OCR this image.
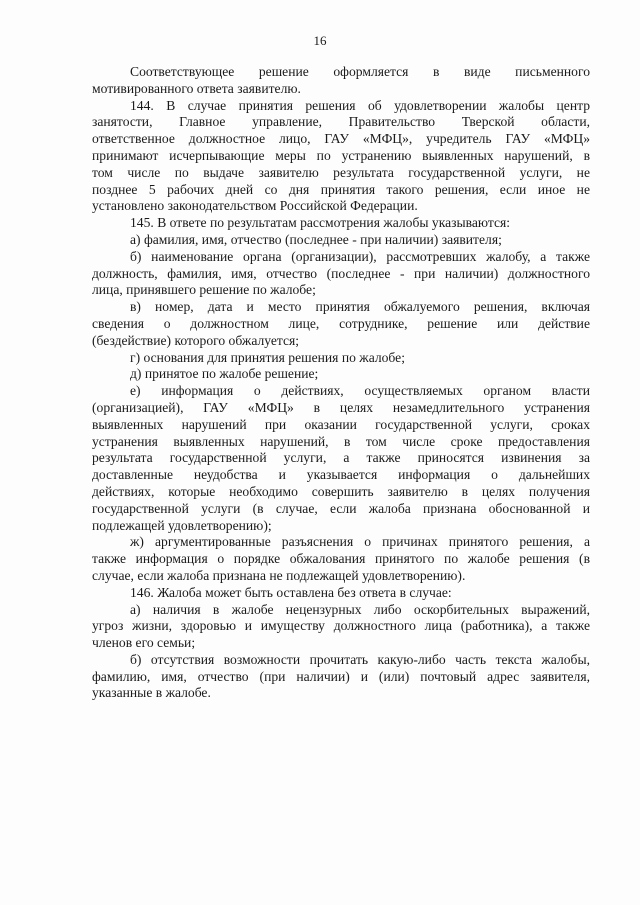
16
Соответствующее решение оформляется в виде письменного
мотивированного ответа заявителю.
144. В случае принятия решения об удовлетворении жалобы центр
занятости, Главное управление, Правительство Тверской области,
ответственное должностное лицо, ГАУ «МФЦ», учредитель ГАУ «МФЦ»
принимают исчерпывающие меры по устранению выявленных нарушений, в
том числе по выдаче заявителю результата государственной услуги, не
позднее 5 рабочих дней со дня принятия такого решения, если иное не
установлено законодательством Российской Федерации.
145. В ответе по результатам рассмотрения жалобы указываются:
а) фамилия, имя, отчество (последнее - при наличии) заявителя;
б) наименование органа (организации), рассмотревших жалобу, а также
должность, фамилия, имя, отчество (последнее - при наличии) должностного
лица, принявшего решение по жалобе;
в) номер, дата и место принятия обжалуемого решения, включая
сведения о должностном лице, сотруднике, решение или действие
(бездействие) которого обжалуется;
г) основания для принятия решения по жалобе;
д) принятое по жалобе решение;
е) информация о действиях, осуществляемых органом власти
(организацией), ГАУ «МФЦ» в целях незамедлительного устранения
выявленных нарушений при оказании государственной услуги, сроках
устранения выявленных нарушений, в том числе сроке предоставления
результата государственной услуги, а также приносятся извинения за
доставленные неудобства и указывается информация о дальнейших
действиях, которые необходимо совершить заявителю в целях получения
государственной услуги (в случае, если жалоба признана обоснованной и
подлежащей удовлетворению);
ж) аргументированные разъяснения о причинах принятого решения, а
также информация о порядке обжалования принятого по жалобе решения (в
случае, если жалоба признана не подлежащей удовлетворению).
146. Жалоба может быть оставлена без ответа в случае:
а) наличия в жалобе нецензурных либо оскорбительных выражений,
угроз жизни, здоровью и имуществу должностного лица (работника), а также
членов его семьи;
б) отсутствия возможности прочитать какую-либо часть текста жалобы,
фамилию, имя, отчество (при наличии) и (или) почтовый адрес заявителя,
указанные в жалобе.
